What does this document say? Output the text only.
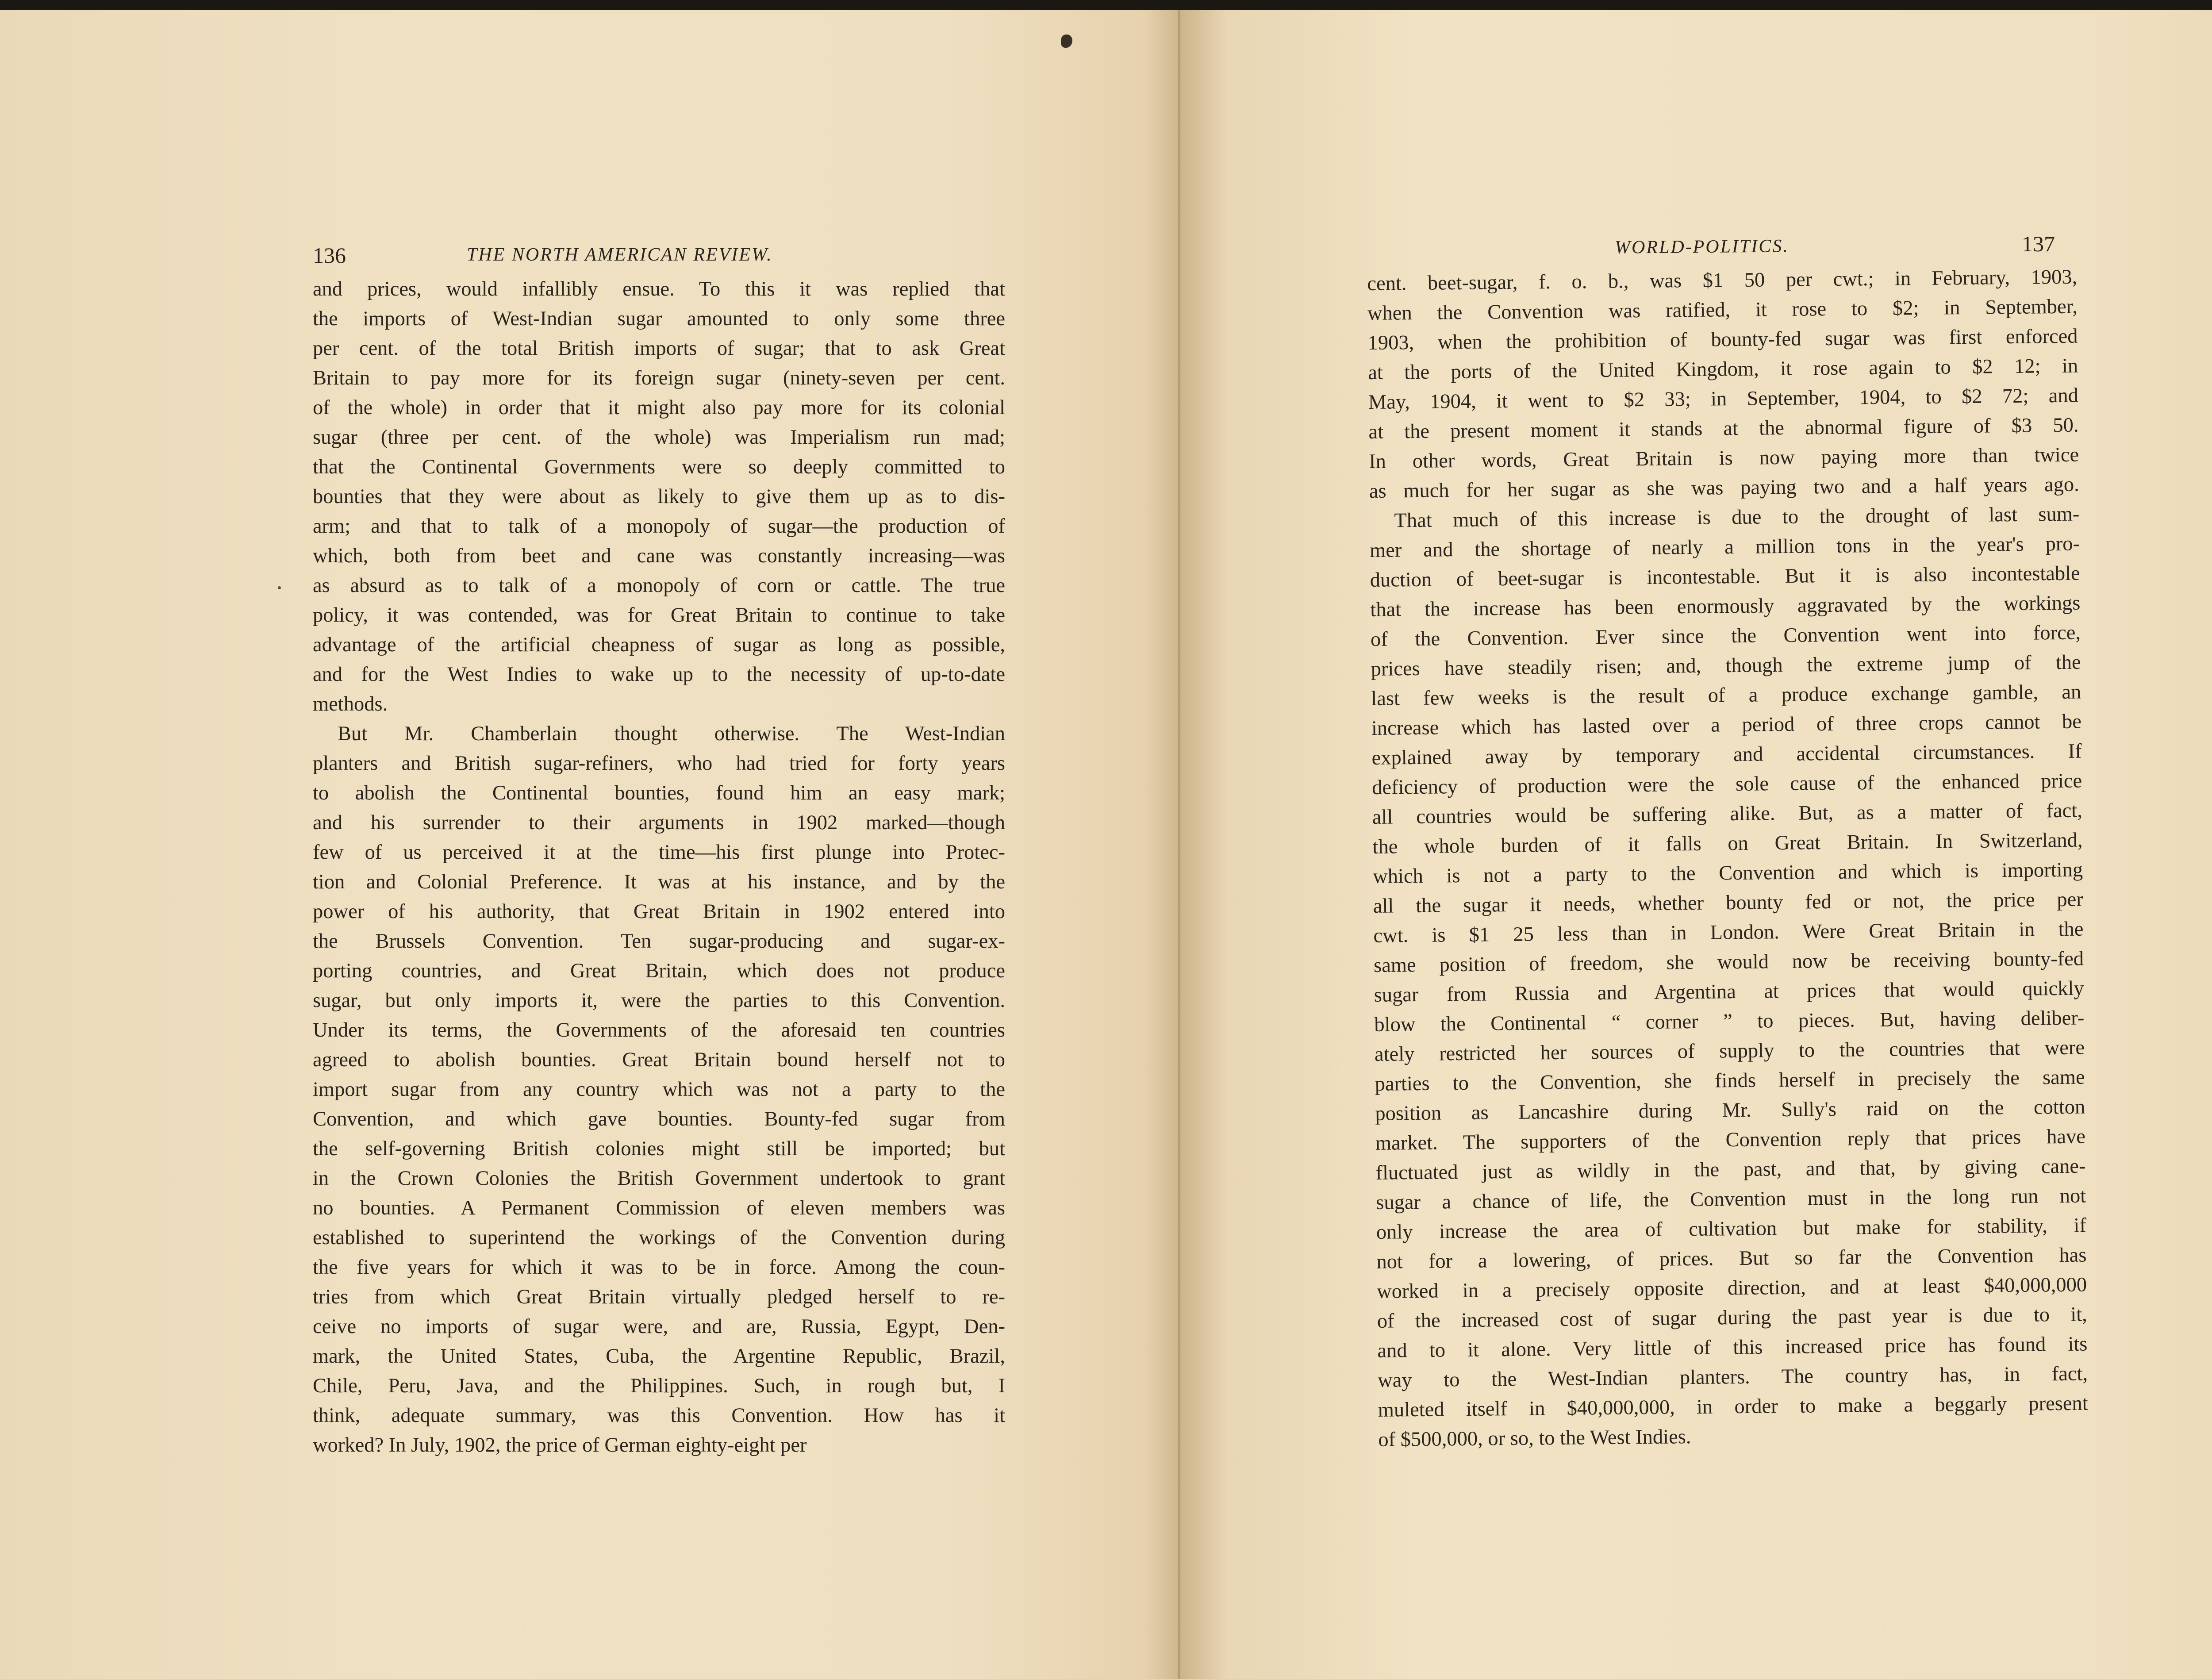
136	THE NORTH AMERICAN REVIEW.	WORLD-POLITICS.	137
and prices, would infallibly ensue. To this it was replied that
the imports of West-Indian sugar amounted to only some three
per cent. of the total British imports of sugar; that to ask Great
Britain to pay more for its foreign sugar (ninety-seven per cent.
of the whole) in order that it might also pay more for its colonial
sugar (three per cent. of the whole) was Imperialism run mad;
that the Continental Governments were so deeply committed to
bounties that they were about as likely to give them up as to dis-
arm; and that to talk of a monopoly of sugar—the production of
which, both from beet and cane was constantly increasing—was
as absurd as to talk of a monopoly of corn or cattle. The true
policy, it was contended, was for Great Britain to continue to take
advantage of the artificial cheapness of sugar as long as possible,
and for the West Indies to wake up to the necessity of up-to-date
methods.
But Mr. Chamberlain thought otherwise. The West-Indian
planters and British sugar-refiners, who had tried for forty years
to abolish the Continental bounties, found him an easy mark;
and his surrender to their arguments in 1902 marked—though
few of us perceived it at the time—his first plunge into Protec-
tion and Colonial Preference. It was at his instance, and by the
power of his authority, that Great Britain in 1902 entered into
the Brussels Convention. Ten sugar-producing and sugar-ex-
porting countries, and Great Britain, which does not produce
sugar, but only imports it, were the parties to this Convention.
Under its terms, the Governments of the aforesaid ten countries
agreed to abolish bounties. Great Britain bound herself not to
import sugar from any country which was not a party to the
Convention, and which gave bounties. Bounty-fed sugar from
the self-governing British colonies might still be imported; but
in the Crown Colonies the British Government undertook to grant
no bounties. A Permanent Commission of eleven members was
established to superintend the workings of the Convention during
the five years for which it was to be in force. Among the coun-
tries from which Great Britain virtually pledged herself to re-
ceive no imports of sugar were, and are, Russia, Egypt, Den-
mark, the United States, Cuba, the Argentine Republic, Brazil,
Chile, Peru, Java, and the Philippines. Such, in rough but, I
think, adequate summary, was this Convention. How has it
worked? In July, 1902, the price of German eighty-eight per
cent. beet-sugar, f. o. b., was $1 50 per cwt.; in February, 1903,
when the Convention was ratified, it rose to $2; in September,
1903, when the prohibition of bounty-fed sugar was first enforced
at the ports of the United Kingdom, it rose again to $2 12; in
May, 1904, it went to $2 33; in September, 1904, to $2 72; and
at the present moment it stands at the abnormal figure of $3 50.
In other words, Great Britain is now paying more than twice
as much for her sugar as she was paying two and a half years ago.
That much of this increase is due to the drought of last sum-
mer and the shortage of nearly a million tons in the year's pro-
duction of beet-sugar is incontestable. But it is also incontestable
that the increase has been enormously aggravated by the workings
of the Convention. Ever since the Convention went into force,
prices have steadily risen; and, though the extreme jump of the
last few weeks is the result of a produce exchange gamble, an
increase which has lasted over a period of three crops cannot be
explained away by temporary and accidental circumstances. If
deficiency of production were the sole cause of the enhanced price
all countries would be suffering alike. But, as a matter of fact,
the whole burden of it falls on Great Britain. In Switzerland,
which is not a party to the Convention and which is importing
all the sugar it needs, whether bounty fed or not, the price per
cwt. is $1 25 less than in London. Were Great Britain in the
same position of freedom, she would now be receiving bounty-fed
sugar from Russia and Argentina at prices that would quickly
blow the Continental “ corner ” to pieces. But, having deliber-
ately restricted her sources of supply to the countries that were
parties to the Convention, she finds herself in precisely the same
position as Lancashire during Mr. Sully's raid on the cotton
market. The supporters of the Convention reply that prices have
fluctuated just as wildly in the past, and that, by giving cane-
sugar a chance of life, the Convention must in the long run not
only increase the area of cultivation but make for stability, if
not for a lowering, of prices. But so far the Convention has
worked in a precisely opposite direction, and at least $40,000,000
of the increased cost of sugar during the past year is due to it,
and to it alone. Very little of this increased price has found its
way to the West-Indian planters. The country has, in fact,
muleted itself in $40,000,000, in order to make a beggarly present
of $500,000, or so, to the West Indies.
